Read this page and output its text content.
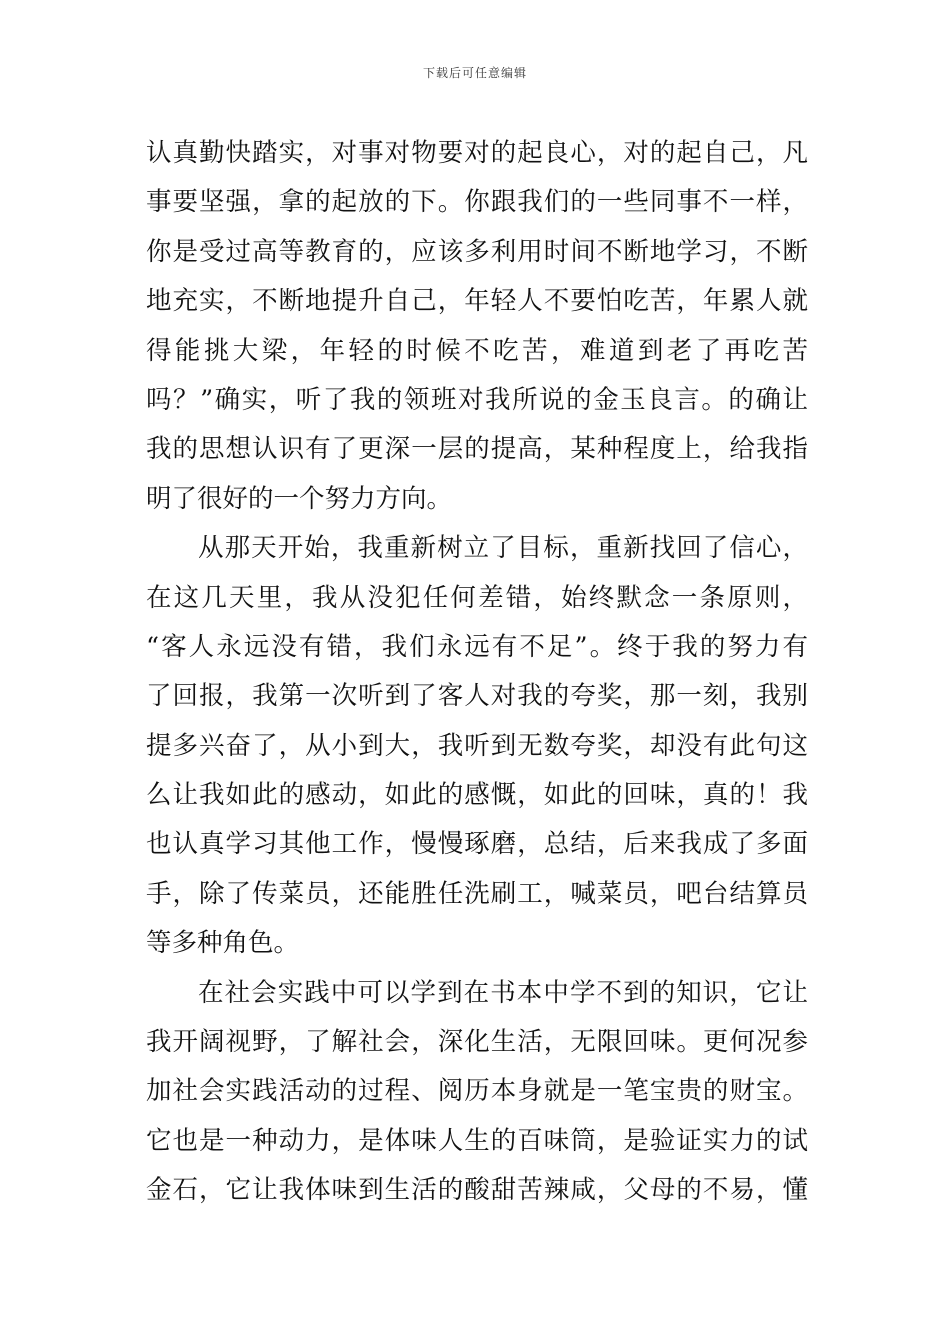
下载后可任意编辑
认真勤快踏实，对事对物要对的起良心，对的起自己，凡
事要坚强，拿的起放的下。你跟我们的一些同事不一样，
你是受过高等教育的，应该多利用时间不断地学习，不断
地充实，不断地提升自己，年轻人不要怕吃苦，年累人就
得能挑大梁，年轻的时候不吃苦，难道到老了再吃苦
吗？”确实，听了我的领班对我所说的金玉良言。的确让
我的思想认识有了更深一层的提高，某种程度上，给我指
明了很好的一个努力方向。
从那天开始，我重新树立了目标，重新找回了信心，
在这几天里，我从没犯任何差错，始终默念一条原则，
“客人永远没有错，我们永远有不足”。终于我的努力有
了回报，我第一次听到了客人对我的夸奖，那一刻，我别
提多兴奋了，从小到大，我听到无数夸奖，却没有此句这
么让我如此的感动，如此的感慨，如此的回味，真的！我
也认真学习其他工作，慢慢琢磨，总结，后来我成了多面
手，除了传菜员，还能胜任洗刷工，喊菜员，吧台结算员
等多种角色。
在社会实践中可以学到在书本中学不到的知识，它让
我开阔视野，了解社会，深化生活，无限回味。更何况参
加社会实践活动的过程、阅历本身就是一笔宝贵的财宝。
它也是一种动力，是体味人生的百味筒，是验证实力的试
金石，它让我体味到生活的酸甜苦辣咸，父母的不易，懂
